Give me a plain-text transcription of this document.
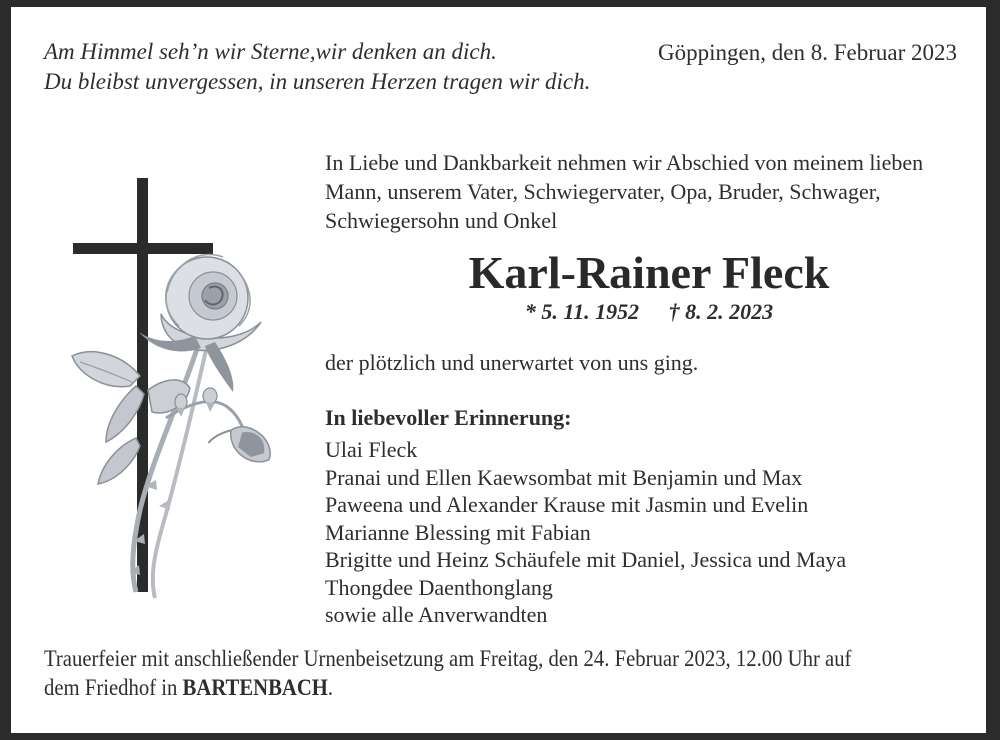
Am Himmel seh’n wir Sterne,wir denken an dich.
Du bleibst unvergessen, in unseren Herzen tragen wir dich.
Göppingen, den 8. Februar 2023
In Liebe und Dankbarkeit nehmen wir Abschied von meinem lieben
Mann, unserem Vater, Schwiegervater, Opa, Bruder, Schwager,
Schwiegersohn und Onkel
Karl-Rainer Fleck
* 5. 11. 1952 † 8. 2. 2023
der plötzlich und unerwartet von uns ging.
In liebevoller Erinnerung:
Ulai Fleck
Pranai und Ellen Kaewsombat mit Benjamin und Max
Paweena und Alexander Krause mit Jasmin und Evelin
Marianne Blessing mit Fabian
Brigitte und Heinz Schäufele mit Daniel, Jessica und Maya
Thongdee Daenthonglang
sowie alle Anverwandten
Trauerfeier mit anschließender Urnenbeisetzung am Freitag, den 24. Februar 2023, 12.00 Uhr auf
dem Friedhof in BARTENBACH.
